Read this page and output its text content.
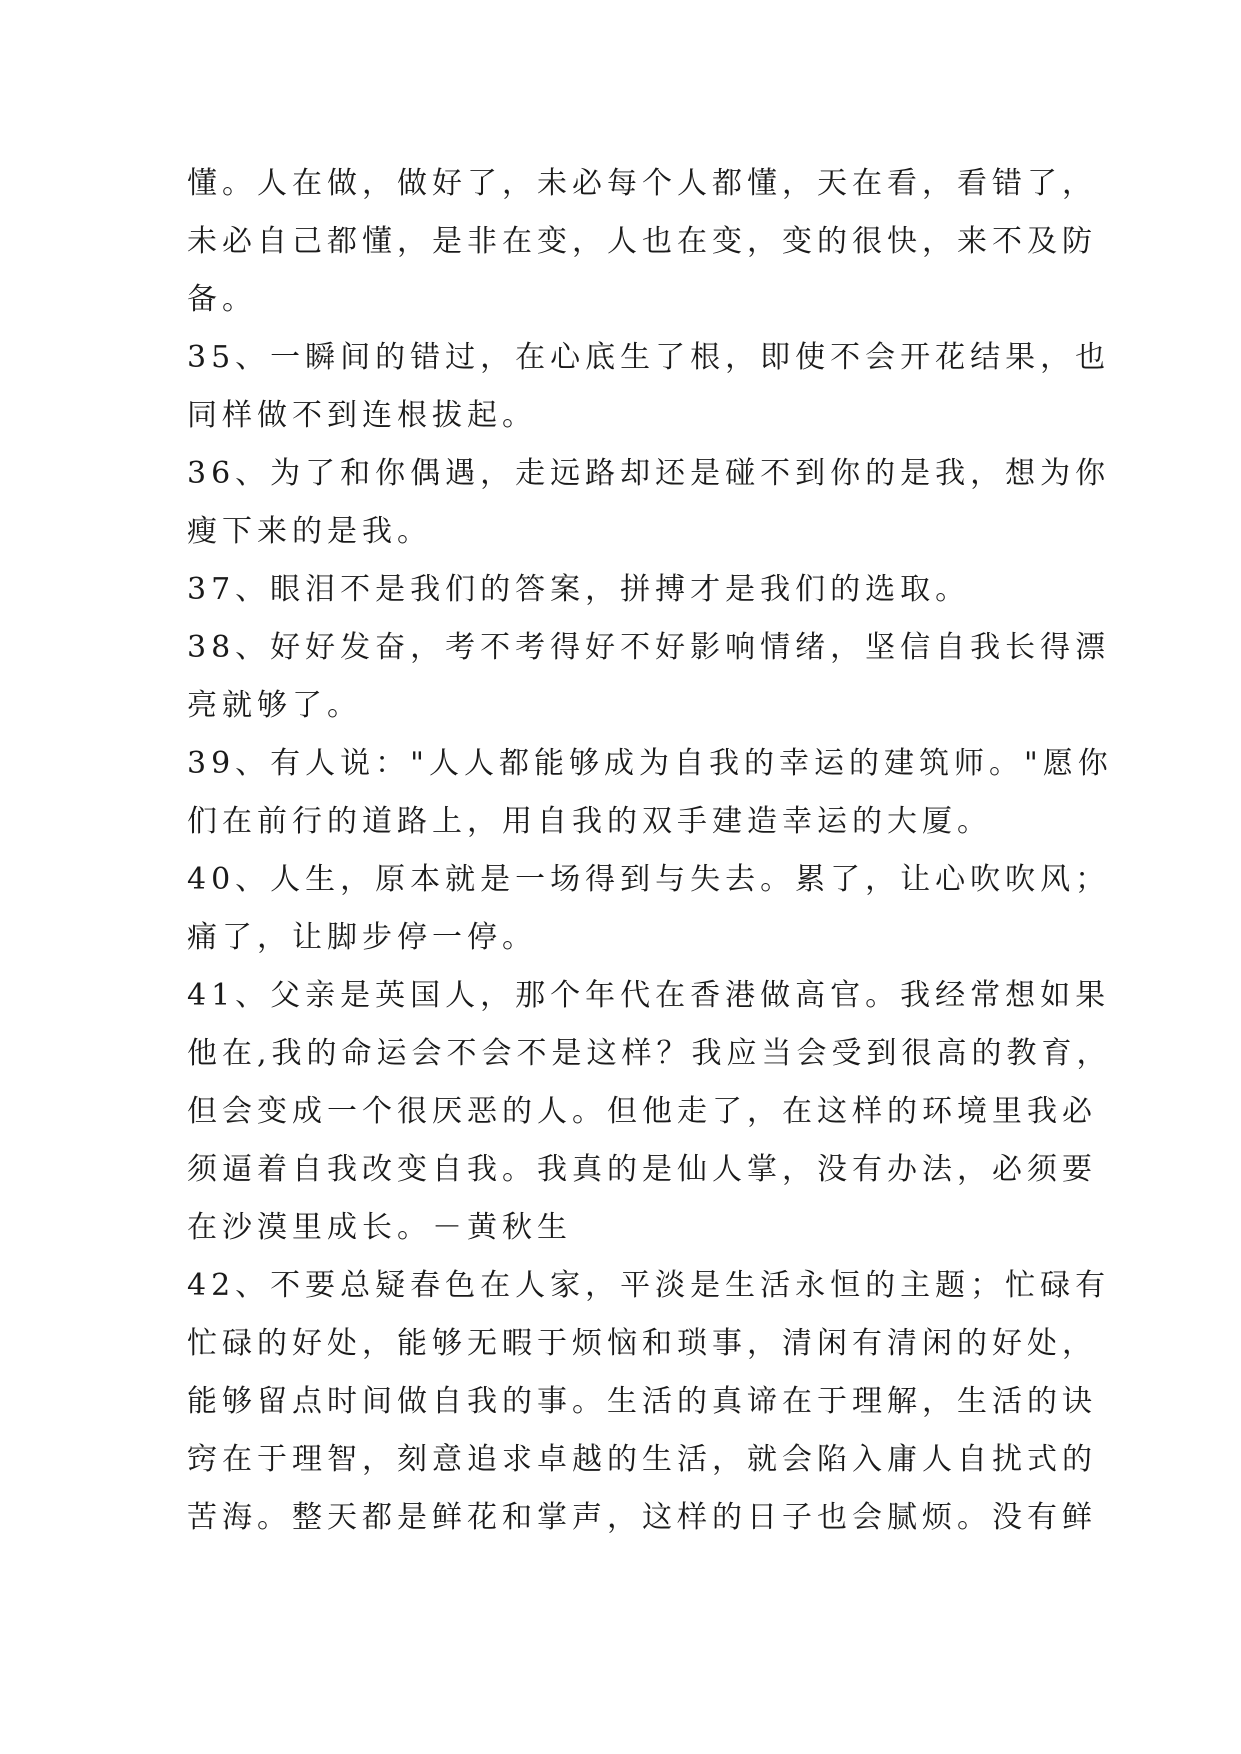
懂。人在做，做好了，未必每个人都懂，天在看，看错了，
未必自己都懂，是非在变，人也在变，变的很快，来不及防
备。
35、一瞬间的错过，在心底生了根，即使不会开花结果，也
同样做不到连根拔起。
36、为了和你偶遇，走远路却还是碰不到你的是我，想为你
瘦下来的是我。
37、眼泪不是我们的答案，拼搏才是我们的选取。
38、好好发奋，考不考得好不好影响情绪，坚信自我长得漂
亮就够了。
39、有人说："人人都能够成为自我的幸运的建筑师。"愿你
们在前行的道路上，用自我的双手建造幸运的大厦。
40、人生，原本就是一场得到与失去。累了，让心吹吹风；
痛了，让脚步停一停。
41、父亲是英国人，那个年代在香港做高官。我经常想如果
他在,我的命运会不会不是这样？我应当会受到很高的教育，
但会变成一个很厌恶的人。但他走了，在这样的环境里我必
须逼着自我改变自我。我真的是仙人掌，没有办法，必须要
在沙漠里成长。－黄秋生
42、不要总疑春色在人家，平淡是生活永恒的主题；忙碌有
忙碌的好处，能够无暇于烦恼和琐事，清闲有清闲的好处，
能够留点时间做自我的事。生活的真谛在于理解，生活的诀
窍在于理智，刻意追求卓越的生活，就会陷入庸人自扰式的
苦海。整天都是鲜花和掌声，这样的日子也会腻烦。没有鲜
